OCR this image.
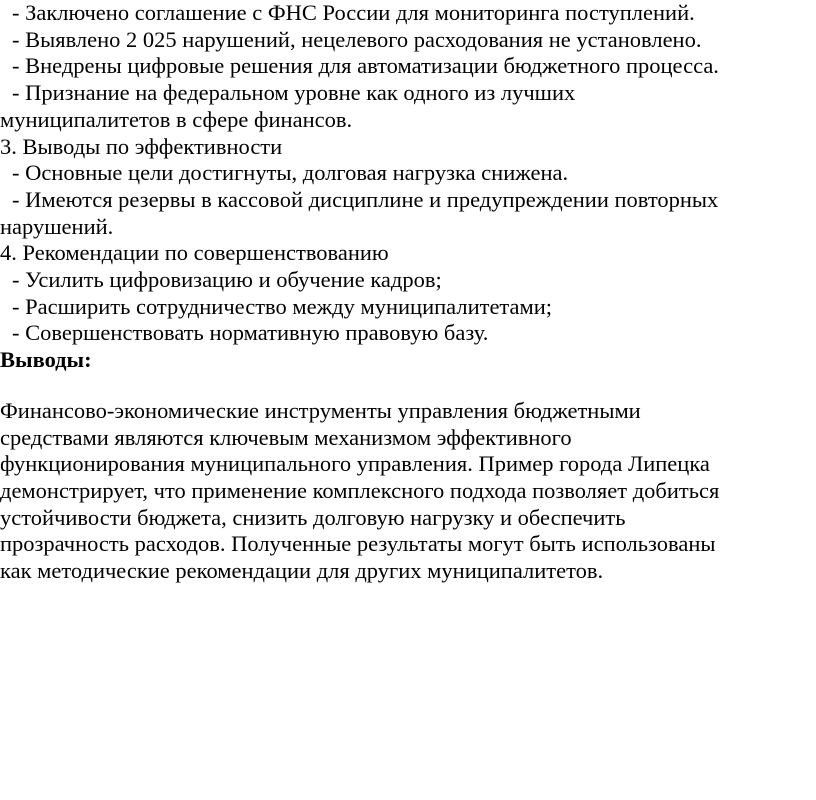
- Заключено соглашение с ФНС России для мониторинга поступлений.
- Выявлено 2 025 нарушений, нецелевого расходования не установлено.
- Внедрены цифровые решения для автоматизации бюджетного процесса.
- Признание на федеральном уровне как одного из лучших
муниципалитетов в сфере финансов.
3. Выводы по эффективности
- Основные цели достигнуты, долговая нагрузка снижена.
- Имеются резервы в кассовой дисциплине и предупреждении повторных
нарушений.
4. Рекомендации по совершенствованию
- Усилить цифровизацию и обучение кадров;
- Расширить сотрудничество между муниципалитетами;
- Совершенствовать нормативную правовую базу.
Выводы:
Финансово-экономические инструменты управления бюджетными
средствами являются ключевым механизмом эффективного
функционирования муниципального управления. Пример города Липецка
демонстрирует, что применение комплексного подхода позволяет добиться
устойчивости бюджета, снизить долговую нагрузку и обеспечить
прозрачность расходов. Полученные результаты могут быть использованы
как методические рекомендации для других муниципалитетов.
